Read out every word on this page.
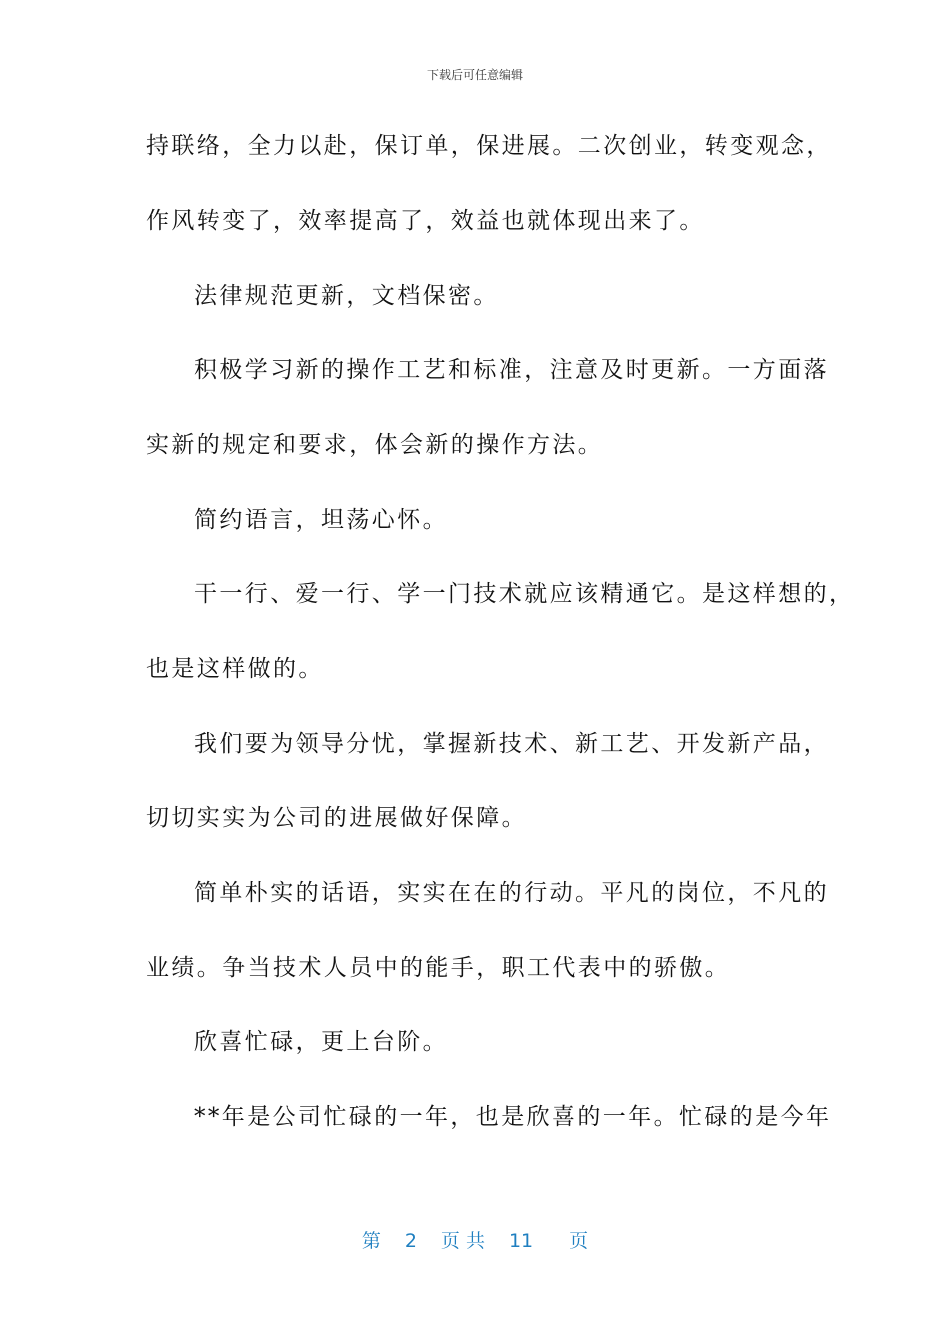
下载后可任意编辑
持联络，全力以赴，保订单，保进展。二次创业，转变观念，
作风转变了，效率提高了，效益也就体现出来了。
法律规范更新，文档保密。
积极学习新的操作工艺和标准，注意及时更新。一方面落
实新的规定和要求，体会新的操作方法。
简约语言，坦荡心怀。
干一行、爱一行、学一门技术就应该精通它。是这样想的，
也是这样做的。
我们要为领导分忧，掌握新技术、新工艺、开发新产品，
切切实实为公司的进展做好保障。
简单朴实的话语，实实在在的行动。平凡的岗位，不凡的
业绩。争当技术人员中的能手，职工代表中的骄傲。
欣喜忙碌，更上台阶。
**年是公司忙碌的一年，也是欣喜的一年。忙碌的是今年
第 2 页 共 11 页
